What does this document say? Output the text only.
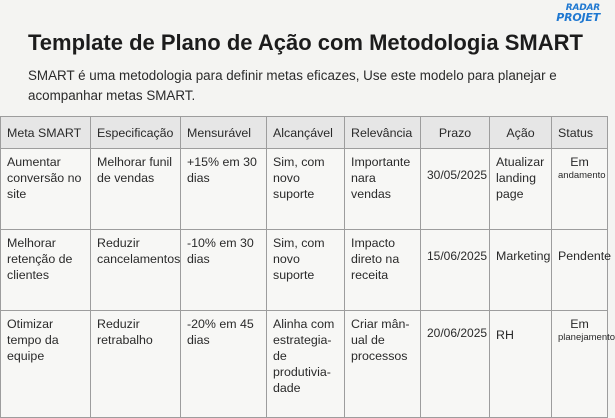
RADAR
PROJET
Template de Plano de Ação com Metodologia SMART

SMART é uma metodologia para definir metas eficazes, Use este modelo para planejar e acompanhar metas SMART.

Meta SMART	Especificação	Mensurável	Alcançável	Relevância	Prazo	Ação	Status
Aumentar conversão no site	Melhorar funil de vendas	+15% em 30 dias	Sim, com novo suporte	Importante nara vendas	30/05/2025	Atualizar landing page	Em
andamento

Melhorar retenção de clientes	Reduzir cancelamentos	-10% em 30 dias	Sim, com novo suporte	Impacto direto na receita	15/06/2025	Marketing	Pendente

Otimizar tempo da equipe	Reduzir retrabalho	-20% em 45 dias	Alinha com estrategia-de produtivia-dade	Criar mân-ual de processos	20/06/2025	RH	Em
planejamento
